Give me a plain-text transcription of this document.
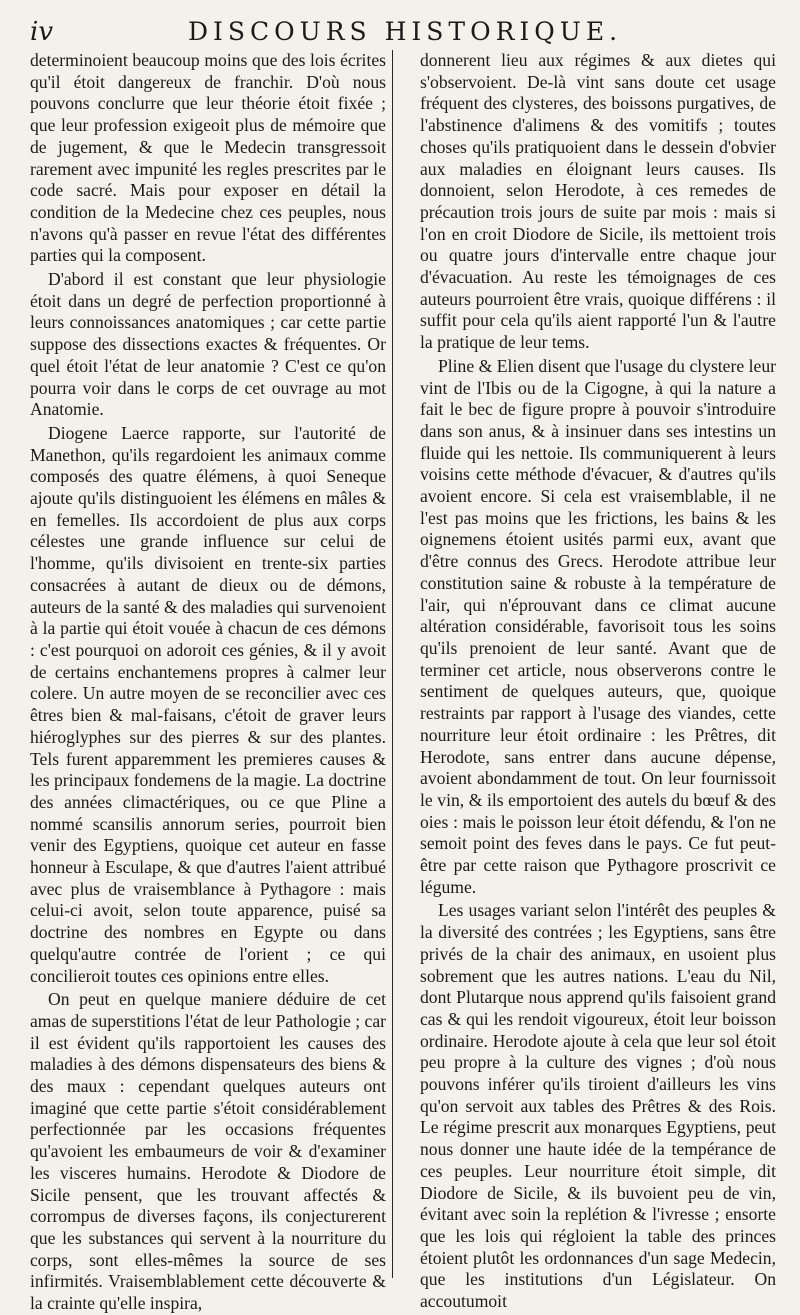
iv	DISCOURS HISTORIQUE.

determinoient beaucoup moins que des lois écrites qu'il étoit dangereux de franchir. D'où nous pouvons conclurre que leur théorie étoit fixée ; que leur profession exigeoit plus de mémoire que de jugement, & que le Medecin transgressoit rarement avec impunité les regles prescrites par le code sacré. Mais pour exposer en détail la condition de la Medecine chez ces peuples, nous n'avons qu'à passer en revue l'état des différentes parties qui la composent.

D'abord il est constant que leur physiologie étoit dans un degré de perfection proportionné à leurs connoissances anatomiques ; car cette partie suppose des dissections exactes & fréquentes. Or quel étoit l'état de leur anatomie ? C'est ce qu'on pourra voir dans le corps de cet ouvrage au mot Anatomie.

Diogene Laerce rapporte, sur l'autorité de Manethon, qu'ils regardoient les animaux comme composés des quatre élémens, à quoi Seneque ajoute qu'ils distinguoient les élémens en mâles & en femelles. Ils accordoient de plus aux corps célestes une grande influence sur celui de l'homme, qu'ils divisoient en trente-six parties consacrées à autant de dieux ou de démons, auteurs de la santé & des maladies qui survenoient à la partie qui étoit vouée à chacun de ces démons : c'est pourquoi on adoroit ces génies, & il y avoit de certains enchantemens propres à calmer leur colere. Un autre moyen de se reconcilier avec ces êtres bien & mal-faisans, c'étoit de graver leurs hiéroglyphes sur des pierres & sur des plantes. Tels furent apparemment les premieres causes & les principaux fondemens de la magie. La doctrine des années climactériques, ou ce que Pline a nommé scansilis annorum series, pourroit bien venir des Egyptiens, quoique cet auteur en fasse honneur à Esculape, & que d'autres l'aient attribué avec plus de vraisemblance à Pythagore : mais celui-ci avoit, selon toute apparence, puisé sa doctrine des nombres en Egypte ou dans quelqu'autre contrée de l'orient ; ce qui concilieroit toutes ces opinions entre elles.

On peut en quelque maniere déduire de cet amas de superstitions l'état de leur Pathologie ; car il est évident qu'ils rapportoient les causes des maladies à des démons dispensateurs des biens & des maux : cependant quelques auteurs ont imaginé que cette partie s'étoit considérablement perfectionnée par les occasions fréquentes qu'avoient les embaumeurs de voir & d'examiner les visceres humains. Herodote & Diodore de Sicile pensent, que les trouvant affectés & corrompus de diverses façons, ils conjecturerent que les substances qui servent à la nourriture du corps, sont elles-mêmes la source de ses infirmités. Vraisemblablement cette découverte & la crainte qu'elle inspira,

donnerent lieu aux régimes & aux dietes qui s'observoient. De-là vint sans doute cet usage fréquent des clysteres, des boissons purgatives, de l'abstinence d'alimens & des vomitifs ; toutes choses qu'ils pratiquoient dans le dessein d'obvier aux maladies en éloignant leurs causes. Ils donnoient, selon Herodote, à ces remedes de précaution trois jours de suite par mois : mais si l'on en croit Diodore de Sicile, ils mettoient trois ou quatre jours d'intervalle entre chaque jour d'évacuation. Au reste les témoignages de ces auteurs pourroient être vrais, quoique différens : il suffit pour cela qu'ils aient rapporté l'un & l'autre la pratique de leur tems.

Pline & Elien disent que l'usage du clystere leur vint de l'Ibis ou de la Cigogne, à qui la nature a fait le bec de figure propre à pouvoir s'introduire dans son anus, & à insinuer dans ses intestins un fluide qui les nettoie. Ils communiquerent à leurs voisins cette méthode d'évacuer, & d'autres qu'ils avoient encore. Si cela est vraisemblable, il ne l'est pas moins que les frictions, les bains & les oignemens étoient usités parmi eux, avant que d'être connus des Grecs. Herodote attribue leur constitution saine & robuste à la température de l'air, qui n'éprouvant dans ce climat aucune altération considérable, favorisoit tous les soins qu'ils prenoient de leur santé. Avant que de terminer cet article, nous observerons contre le sentiment de quelques auteurs, que, quoique restraints par rapport à l'usage des viandes, cette nourriture leur étoit ordinaire : les Prêtres, dit Herodote, sans entrer dans aucune dépense, avoient abondamment de tout. On leur fournissoit le vin, & ils emportoient des autels du bœuf & des oies : mais le poisson leur étoit défendu, & l'on ne semoit point des feves dans le pays. Ce fut peut-être par cette raison que Pythagore proscrivit ce légume.

Les usages variant selon l'intérêt des peuples & la diversité des contrées ; les Egyptiens, sans être privés de la chair des animaux, en usoient plus sobrement que les autres nations. L'eau du Nil, dont Plutarque nous apprend qu'ils faisoient grand cas & qui les rendoit vigoureux, étoit leur boisson ordinaire. Herodote ajoute à cela que leur sol étoit peu propre à la culture des vignes ; d'où nous pouvons inférer qu'ils tiroient d'ailleurs les vins qu'on servoit aux tables des Prêtres & des Rois. Le régime prescrit aux monarques Egyptiens, peut nous donner une haute idée de la tempérance de ces peuples. Leur nourriture étoit simple, dit Diodore de Sicile, & ils buvoient peu de vin, évitant avec soin la replétion & l'ivresse ; ensorte que les lois qui régloient la table des princes étoient plutôt les ordonnances d'un sage Medecin, que les institutions d'un Législateur. On accoutumoit
